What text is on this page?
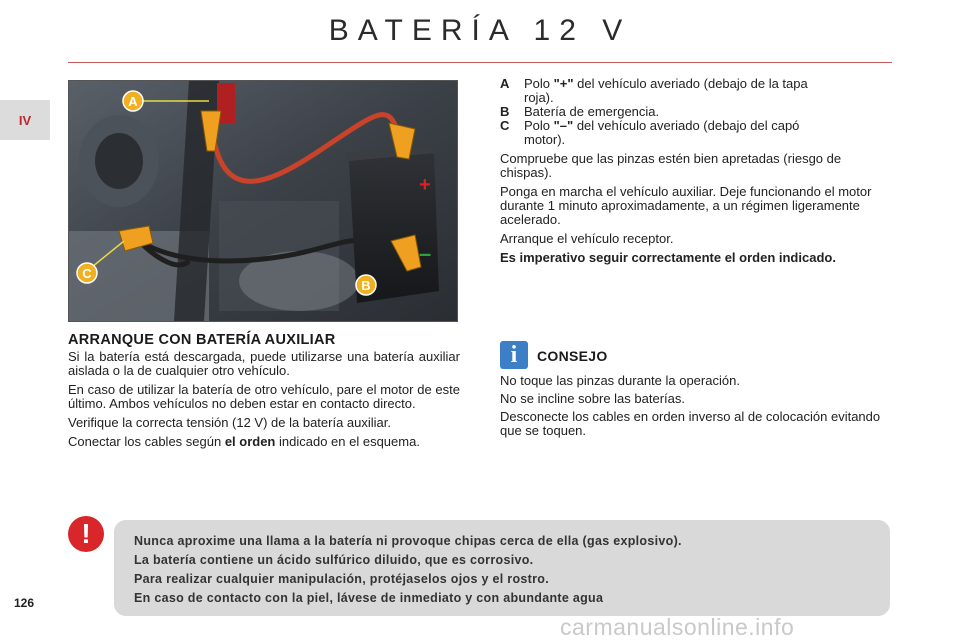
BATERÍA 12 V
IV
+
–
A
C
B
A	Polo "+" del vehículo averiado (debajo de la tapa
roja).
B	Batería de emergencia.
C	Polo "–" del vehículo averiado (debajo del capó
motor).

Compruebe que las pinzas estén bien apretadas (riesgo de chispas).

Ponga en marcha el vehículo auxiliar. Deje funcionando el motor durante 1 minuto aproximadamente, a un régimen ligeramente acelerado.

Arranque el vehículo receptor.

Es imperativo seguir correctamente el orden indicado.

ARRANQUE CON BATERÍA AUXILIAR

Si la batería está descargada, puede utilizarse una batería auxiliar aislada o la de cualquier otro vehículo.

En caso de utilizar la batería de otro vehículo, pare el motor de este último. Ambos vehículos no deben estar en contacto directo.

Verifique la correcta tensión (12 V) de la batería auxiliar.

Conectar los cables según el orden indicado en el esquema.

i	CONSEJO

No toque las pinzas durante la operación.

No se incline sobre las baterías.

Desconecte los cables en orden inverso al de colocación evitando que se toquen.

!	Nunca aproxime una llama a la batería ni provoque chipas cerca de ella (gas explosivo).

La batería contiene un ácido sulfúrico diluido, que es corrosivo.

Para realizar cualquier manipulación, protéjaselos ojos y el rostro.

En caso de contacto con la piel, lávese de inmediato y con abundante agua

126
carmanualsonline.info
